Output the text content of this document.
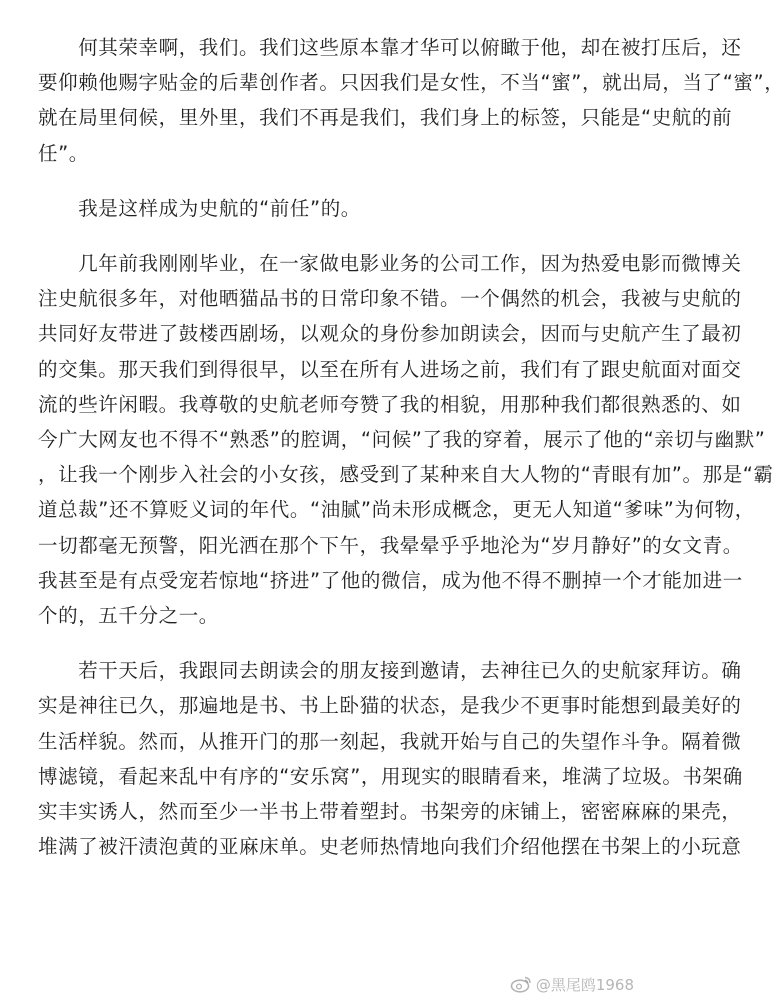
　　何其荣幸啊，我们。我们这些原本靠才华可以俯瞰于他，却在被打压后，还
要仰赖他赐字贴金的后辈创作者。只因我们是女性，不当“蜜”，就出局，当了“蜜”，
就在局里伺候，里外里，我们不再是我们，我们身上的标签，只能是“史航的前
任”。
　　我是这样成为史航的“前任”的。
　　几年前我刚刚毕业，在一家做电影业务的公司工作，因为热爱电影而微博关
注史航很多年，对他晒猫品书的日常印象不错。一个偶然的机会，我被与史航的
共同好友带进了鼓楼西剧场，以观众的身份参加朗读会，因而与史航产生了最初
的交集。那天我们到得很早，以至在所有人进场之前，我们有了跟史航面对面交
流的些许闲暇。我尊敬的史航老师夸赞了我的相貌，用那种我们都很熟悉的、如
今广大网友也不得不“熟悉”的腔调，“问候”了我的穿着，展示了他的“亲切与幽默”
，让我一个刚步入社会的小女孩，感受到了某种来自大人物的“青眼有加”。那是“霸
道总裁”还不算贬义词的年代。“油腻”尚未形成概念，更无人知道“爹味”为何物，
一切都毫无预警，阳光洒在那个下午，我晕晕乎乎地沦为“岁月静好”的女文青。
我甚至是有点受宠若惊地“挤进”了他的微信，成为他不得不删掉一个才能加进一
个的，五千分之一。
　　若干天后，我跟同去朗读会的朋友接到邀请，去神往已久的史航家拜访。确
实是神往已久，那遍地是书、书上卧猫的状态，是我少不更事时能想到最美好的
生活样貌。然而，从推开门的那一刻起，我就开始与自己的失望作斗争。隔着微
博滤镜，看起来乱中有序的“安乐窝”，用现实的眼睛看来，堆满了垃圾。书架确
实丰实诱人，然而至少一半书上带着塑封。书架旁的床铺上，密密麻麻的果壳，
堆满了被汗渍泡黄的亚麻床单。史老师热情地向我们介绍他摆在书架上的小玩意
@黑尾鸥1968
